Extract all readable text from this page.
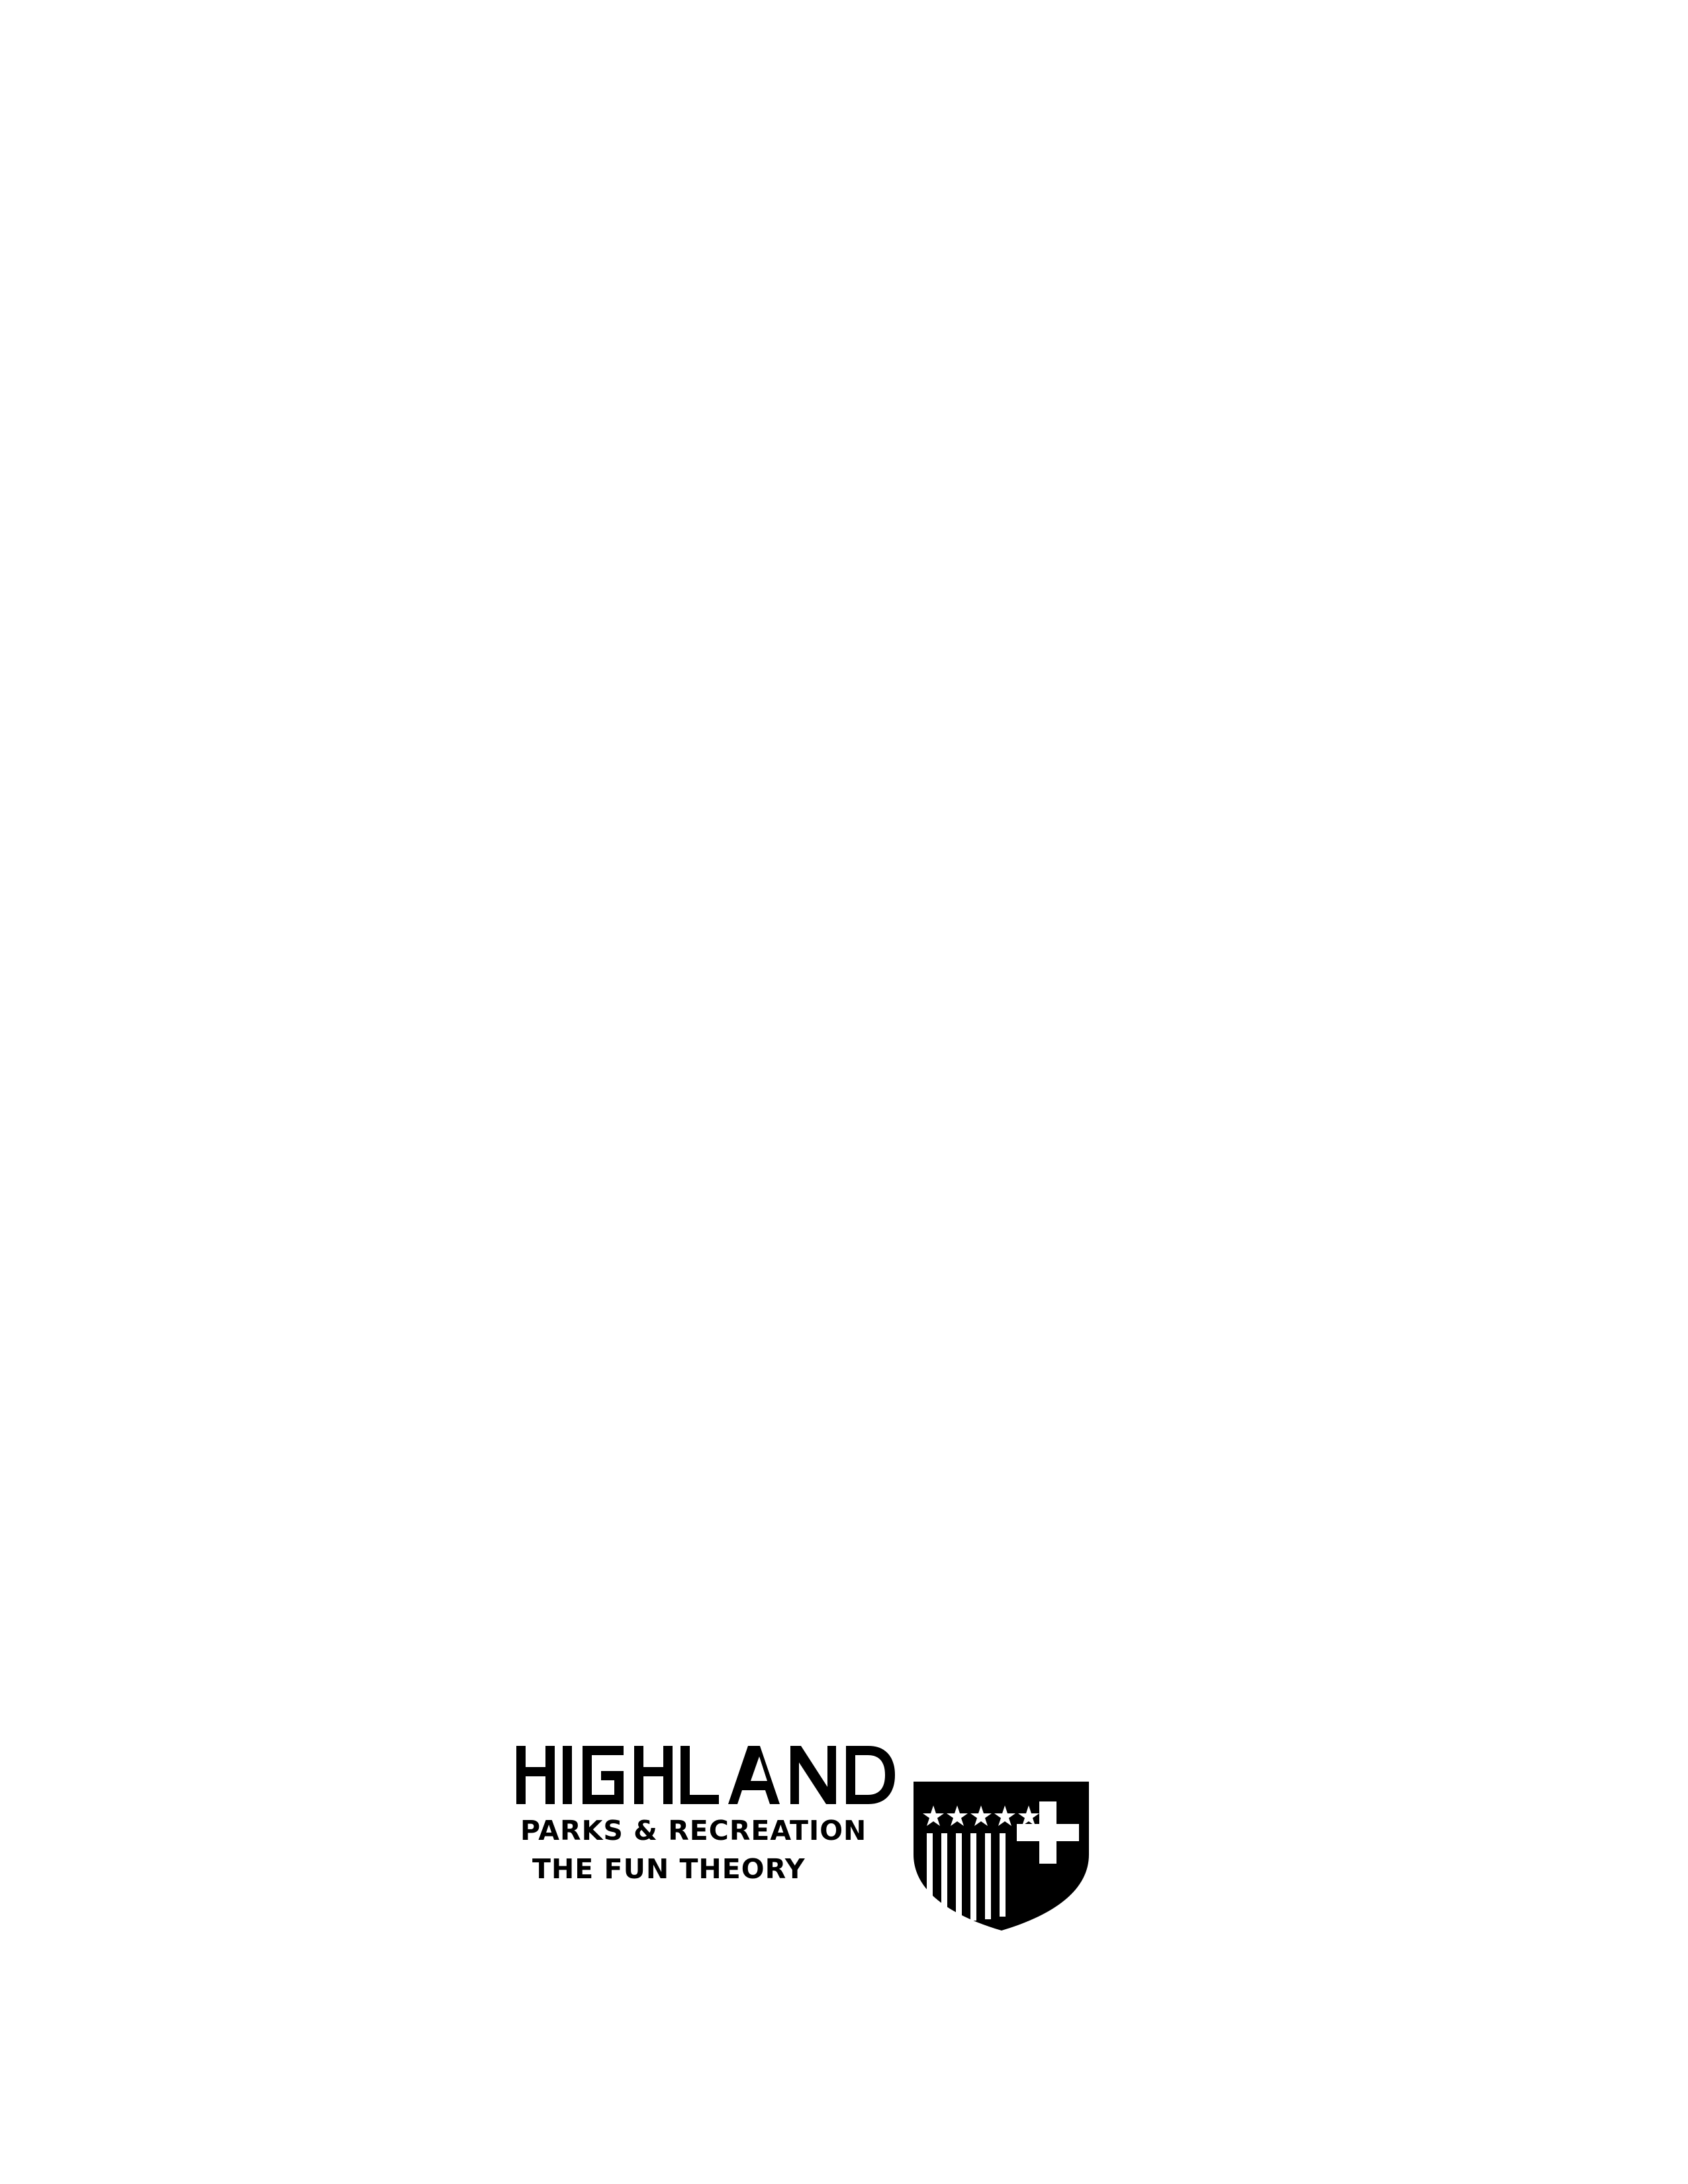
PARKS & RECREATION
THE FUN THEORY
